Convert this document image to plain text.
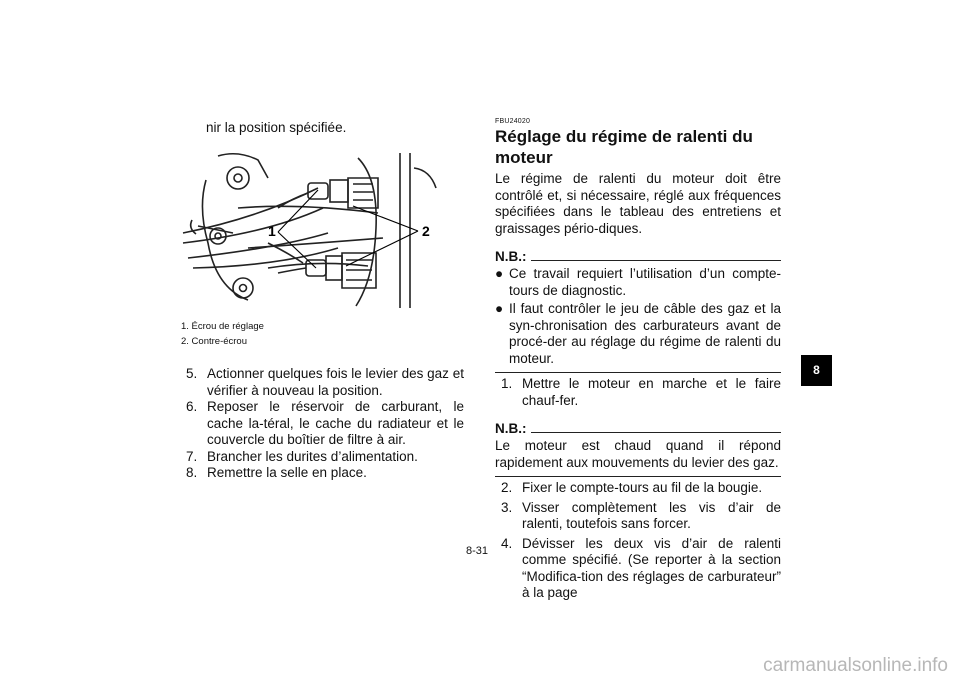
nir la position spécifiée.
1	2
1. Écrou de réglage
2. Contre-écrou
5. Actionner quelques fois le levier des gaz et vérifier à nouveau la position.
6. Reposer le réservoir de carburant, le cache la-téral, le cache du radiateur et le couvercle du boîtier de filtre à air.
7. Brancher les durites d’alimentation.
8. Remettre la selle en place.
FBU24020
Réglage du régime de ralenti du moteur
Le régime de ralenti du moteur doit être contrôlé et, si nécessaire, réglé aux fréquences spécifiées dans le tableau des entretiens et graissages pério-diques.
N.B.:
● Ce travail requiert l’utilisation d’un compte-tours de diagnostic.
● Il faut contrôler le jeu de câble des gaz et la syn-chronisation des carburateurs avant de procé-der au réglage du régime de ralenti du moteur.
1. Mettre le moteur en marche et le faire chauf-fer.
N.B.:
Le moteur est chaud quand il répond rapidement aux mouvements du levier des gaz.
2. Fixer le compte-tours au fil de la bougie.
3. Visser complètement les vis d’air de ralenti, toutefois sans forcer.
4. Dévisser les deux vis d’air de ralenti comme spécifié. (Se reporter à la section “Modifica-tion des réglages de carburateur” à la page
8
8-31
carmanualsonline.info
